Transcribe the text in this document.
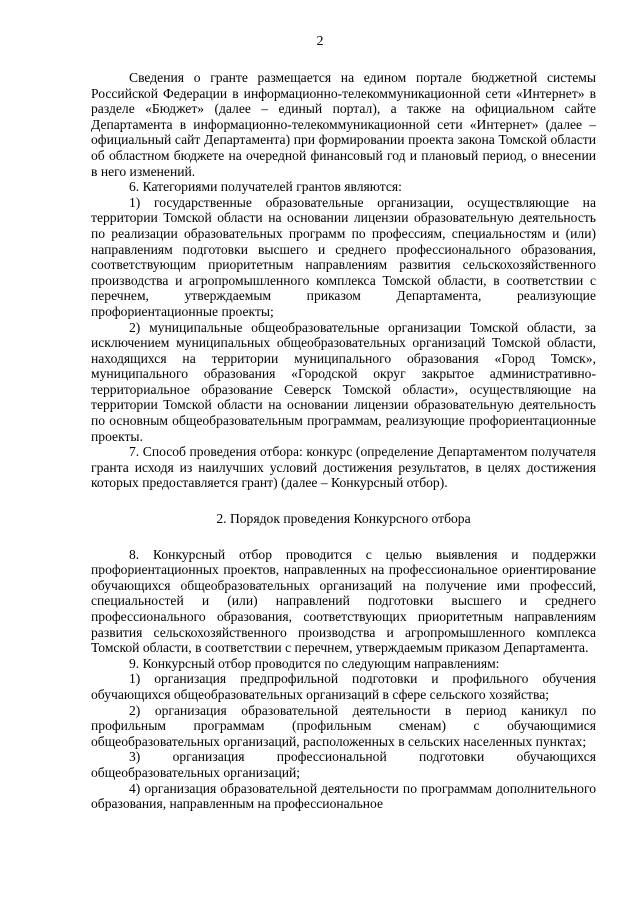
2

Сведения о гранте размещается на едином портале бюджетной системы Российской Федерации в информационно-телекоммуникационной сети «Интернет» в разделе «Бюджет» (далее – единый портал), а также на официальном сайте Департамента в информационно-телекоммуникационной сети «Интернет» (далее – официальный сайт Департамента) при формировании проекта закона Томской области об областном бюджете на очередной финансовый год и плановый период, о внесении в него изменений.

6. Категориями получателей грантов являются:

1) государственные образовательные организации, осуществляющие на территории Томской области на основании лицензии образовательную деятельность по реализации образовательных программ по профессиям, специальностям и (или) направлениям подготовки высшего и среднего профессионального образования, соответствующим приоритетным направлениям развития сельскохозяйственного производства и агропромышленного комплекса Томской области, в соответствии с перечнем, утверждаемым приказом Департамента, реализующие профориентационные проекты;

2) муниципальные общеобразовательные организации Томской области, за исключением муниципальных общеобразовательных организаций Томской области, находящихся на территории муниципального образования «Город Томск», муниципального образования «Городской округ закрытое административно-территориальное образование Северск Томской области», осуществляющие на территории Томской области на основании лицензии образовательную деятельность по основным общеобразовательным программам, реализующие профориентационные проекты.

7. Способ проведения отбора: конкурс (определение Департаментом получателя гранта исходя из наилучших условий достижения результатов, в целях достижения которых предоставляется грант) (далее – Конкурсный отбор).

2. Порядок проведения Конкурсного отбора

8. Конкурсный отбор проводится с целью выявления и поддержки профориентационных проектов, направленных на профессиональное ориентирование обучающихся общеобразовательных организаций на получение ими профессий, специальностей и (или) направлений подготовки высшего и среднего профессионального образования, соответствующих приоритетным направлениям развития сельскохозяйственного производства и агропромышленного комплекса Томской области, в соответствии с перечнем, утверждаемым приказом Департамента.

9. Конкурсный отбор проводится по следующим направлениям:

1) организация предпрофильной подготовки и профильного обучения обучающихся общеобразовательных организаций в сфере сельского хозяйства;

2) организация образовательной деятельности в период каникул по профильным программам (профильным сменам) с обучающимися общеобразовательных организаций, расположенных в сельских населенных пунктах;

3) организация профессиональной подготовки обучающихся общеобразовательных организаций;

4) организация образовательной деятельности по программам дополнительного образования, направленным на профессиональное
